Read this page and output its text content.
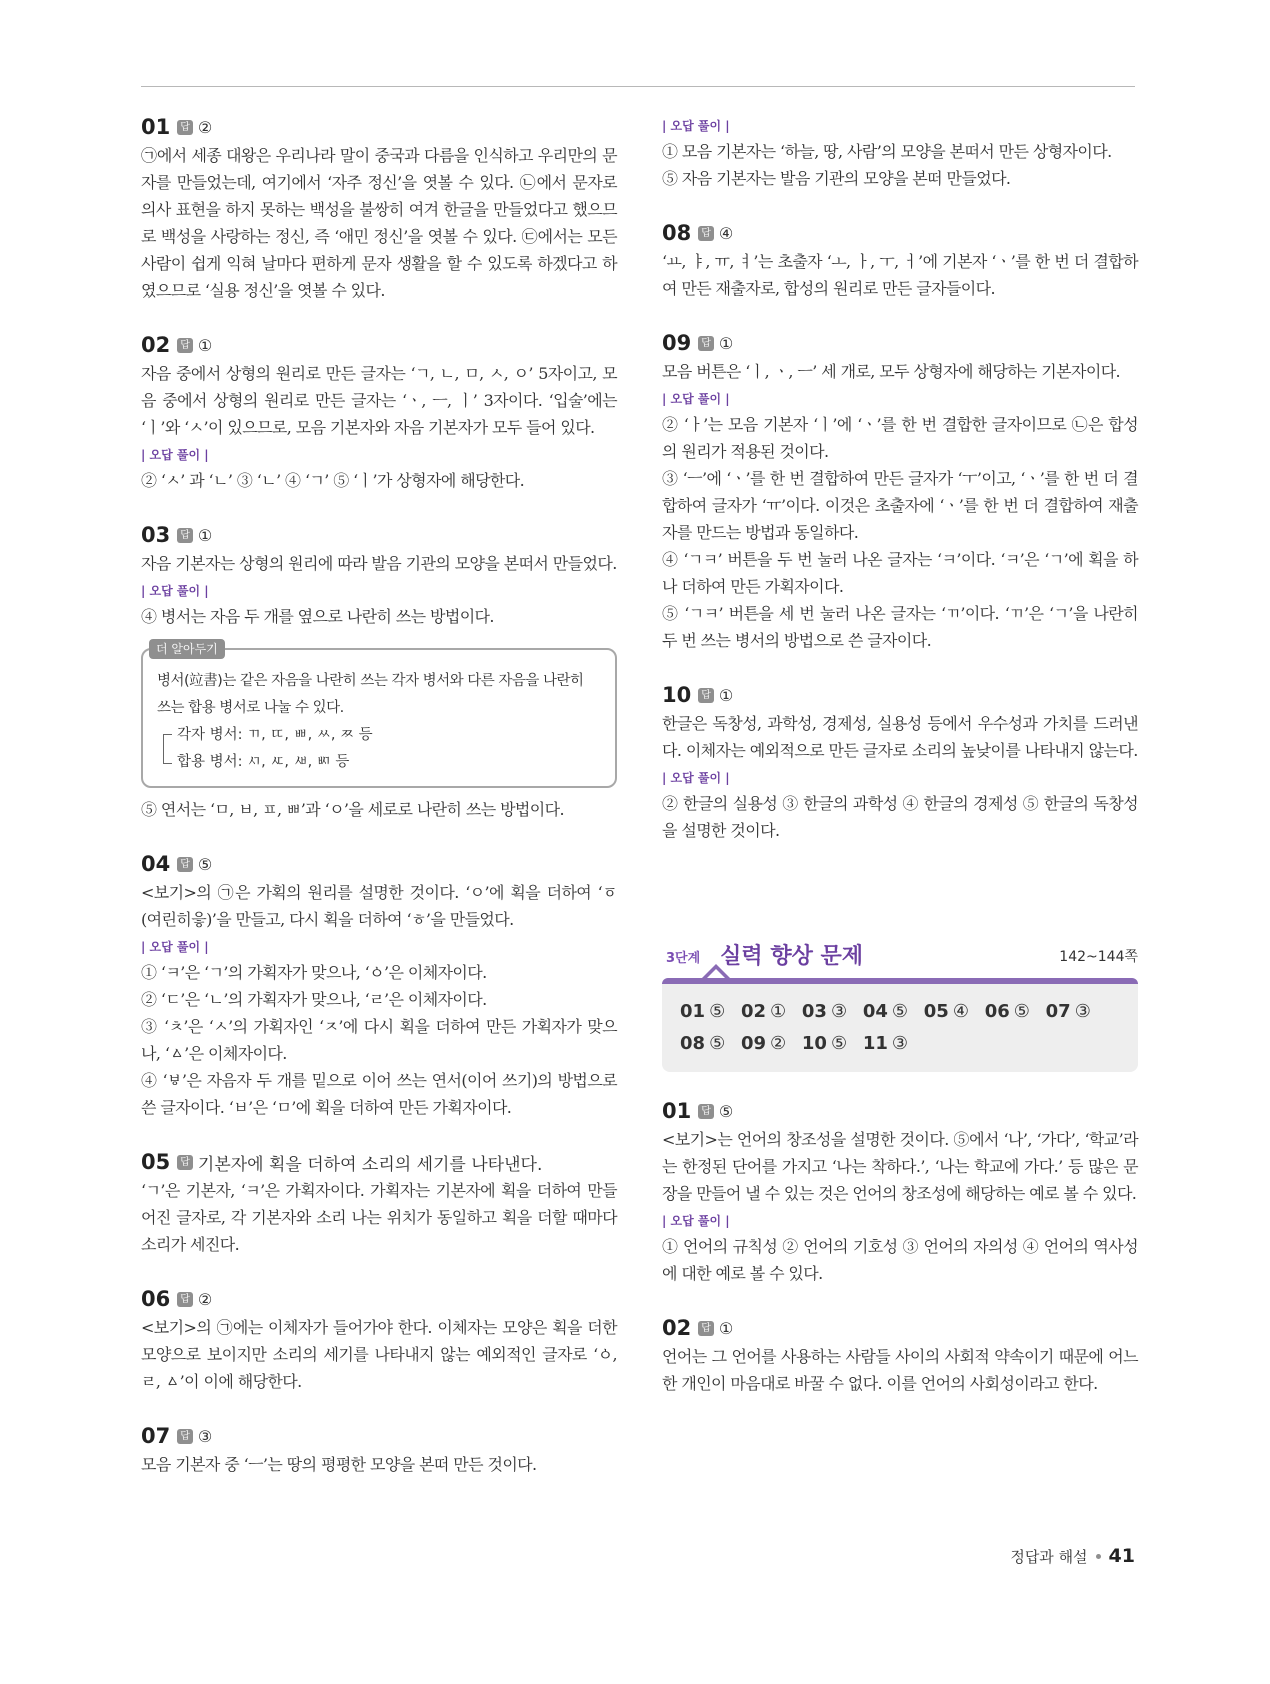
01	답 ②

㉠에서 세종 대왕은 우리나라 말이 중국과 다름을 인식하고 우리만의 문자를 만들었는데, 여기에서 ‘자주 정신’을 엿볼 수 있다. ㉡에서 문자로 의사 표현을 하지 못하는 백성을 불쌍히 여겨 한글을 만들었다고 했으므로 백성을 사랑하는 정신, 즉 ‘애민 정신’을 엿볼 수 있다. ㉢에서는 모든 사람이 쉽게 익혀 날마다 편하게 문자 생활을 할 수 있도록 하겠다고 하였으므로 ‘실용 정신’을 엿볼 수 있다.

02	답 ①

자음 중에서 상형의 원리로 만든 글자는 ‘ㄱ, ㄴ, ㅁ, ㅅ, ㅇ’ 5자이고, 모음 중에서 상형의 원리로 만든 글자는 ‘ㆍ, ㅡ, ㅣ’ 3자이다. ‘입술’에는 ‘ㅣ’와 ‘ㅅ’이 있으므로, 모음 기본자와 자음 기본자가 모두 들어 있다.

| 오답 풀이 |

② ‘ㅅ’ 과 ‘ㄴ’ ③ ‘ㄴ’ ④ ‘ㄱ’ ⑤ ‘ㅣ’가 상형자에 해당한다.

03	답 ①

자음 기본자는 상형의 원리에 따라 발음 기관의 모양을 본떠서 만들었다.

| 오답 풀이 |

④ 병서는 자음 두 개를 옆으로 나란히 쓰는 방법이다.

더 알아두기

병서(竝書)는 같은 자음을 나란히 쓰는 각자 병서와 다른 자음을 나란히 쓰는 합용 병서로 나눌 수 있다.

각자 병서: ㄲ, ㄸ, ㅃ, ㅆ, ㅉ 등
합용 병서: ㅺ, ㅼ, ㅽ, ㅴ 등

⑤ 연서는 ‘ㅁ, ㅂ, ㅍ, ㅃ’과 ‘ㅇ’을 세로로 나란히 쓰는 방법이다.

04	답 ⑤

<보기>의 ㉠은 가획의 원리를 설명한 것이다. ‘ㅇ’에 획을 더하여 ‘ㆆ(여린히읗)’을 만들고, 다시 획을 더하여 ‘ㅎ’을 만들었다.

| 오답 풀이 |

① ‘ㅋ’은 ‘ㄱ’의 가획자가 맞으나, ‘ㆁ’은 이체자이다.

② ‘ㄷ’은 ‘ㄴ’의 가획자가 맞으나, ‘ㄹ’은 이체자이다.

③ ‘ㅊ’은 ‘ㅅ’의 가획자인 ‘ㅈ’에 다시 획을 더하여 만든 가획자가 맞으나, ‘ㅿ’은 이체자이다.

④ ‘ㅸ’은 자음자 두 개를 밑으로 이어 쓰는 연서(이어 쓰기)의 방법으로 쓴 글자이다. ‘ㅂ’은 ‘ㅁ’에 획을 더하여 만든 가획자이다.

05	답 기본자에 획을 더하여 소리의 세기를 나타낸다.

‘ㄱ’은 기본자, ‘ㅋ’은 가획자이다. 가획자는 기본자에 획을 더하여 만들어진 글자로, 각 기본자와 소리 나는 위치가 동일하고 획을 더할 때마다 소리가 세진다.

06	답 ②

<보기>의 ㉠에는 이체자가 들어가야 한다. 이체자는 모양은 획을 더한 모양으로 보이지만 소리의 세기를 나타내지 않는 예외적인 글자로 ‘ㆁ, ㄹ, ㅿ’이 이에 해당한다.

07	답 ③

모음 기본자 중 ‘ㅡ’는 땅의 평평한 모양을 본떠 만든 것이다.

| 오답 풀이 |

① 모음 기본자는 ‘하늘, 땅, 사람’의 모양을 본떠서 만든 상형자이다.

⑤ 자음 기본자는 발음 기관의 모양을 본떠 만들었다.

08	답 ④

‘ㅛ, ㅑ, ㅠ, ㅕ’는 초출자 ‘ㅗ, ㅏ, ㅜ, ㅓ’에 기본자 ‘ㆍ’를 한 번 더 결합하여 만든 재출자로, 합성의 원리로 만든 글자들이다.

09	답 ①

모음 버튼은 ‘ㅣ, ㆍ, ㅡ’ 세 개로, 모두 상형자에 해당하는 기본자이다.

| 오답 풀이 |

② ‘ㅏ’는 모음 기본자 ‘ㅣ’에 ‘ㆍ’를 한 번 결합한 글자이므로 ㉡은 합성의 원리가 적용된 것이다.

③ ‘ㅡ’에 ‘ㆍ’를 한 번 결합하여 만든 글자가 ‘ㅜ’이고, ‘ㆍ’를 한 번 더 결합하여 글자가 ‘ㅠ’이다. 이것은 초출자에 ‘ㆍ’를 한 번 더 결합하여 재출자를 만드는 방법과 동일하다.

④ ‘ㄱㅋ’ 버튼을 두 번 눌러 나온 글자는 ‘ㅋ’이다. ‘ㅋ’은 ‘ㄱ’에 획을 하나 더하여 만든 가획자이다.

⑤ ‘ㄱㅋ’ 버튼을 세 번 눌러 나온 글자는 ‘ㄲ’이다. ‘ㄲ’은 ‘ㄱ’을 나란히 두 번 쓰는 병서의 방법으로 쓴 글자이다.

10	답 ①

한글은 독창성, 과학성, 경제성, 실용성 등에서 우수성과 가치를 드러낸다. 이체자는 예외적으로 만든 글자로 소리의 높낮이를 나타내지 않는다.

| 오답 풀이 |

② 한글의 실용성 ③ 한글의 과학성 ④ 한글의 경제성 ⑤ 한글의 독창성을 설명한 것이다.

3단계 실력 향상 문제	142~144쪽
01 ⑤ 02 ① 03 ③ 04 ⑤ 05 ④ 06 ⑤ 07 ③ 08 ⑤ 09 ② 10 ⑤ 11 ③
01	답 ⑤

<보기>는 언어의 창조성을 설명한 것이다. ⑤에서 ‘나’, ‘가다’, ‘학교’라는 한정된 단어를 가지고 ‘나는 착하다.’, ‘나는 학교에 가다.’ 등 많은 문장을 만들어 낼 수 있는 것은 언어의 창조성에 해당하는 예로 볼 수 있다.

| 오답 풀이 |

① 언어의 규칙성 ② 언어의 기호성 ③ 언어의 자의성 ④ 언어의 역사성에 대한 예로 볼 수 있다.

02	답 ①

언어는 그 언어를 사용하는 사람들 사이의 사회적 약속이기 때문에 어느 한 개인이 마음대로 바꿀 수 없다. 이를 언어의 사회성이라고 한다.

정답과 해설 41
